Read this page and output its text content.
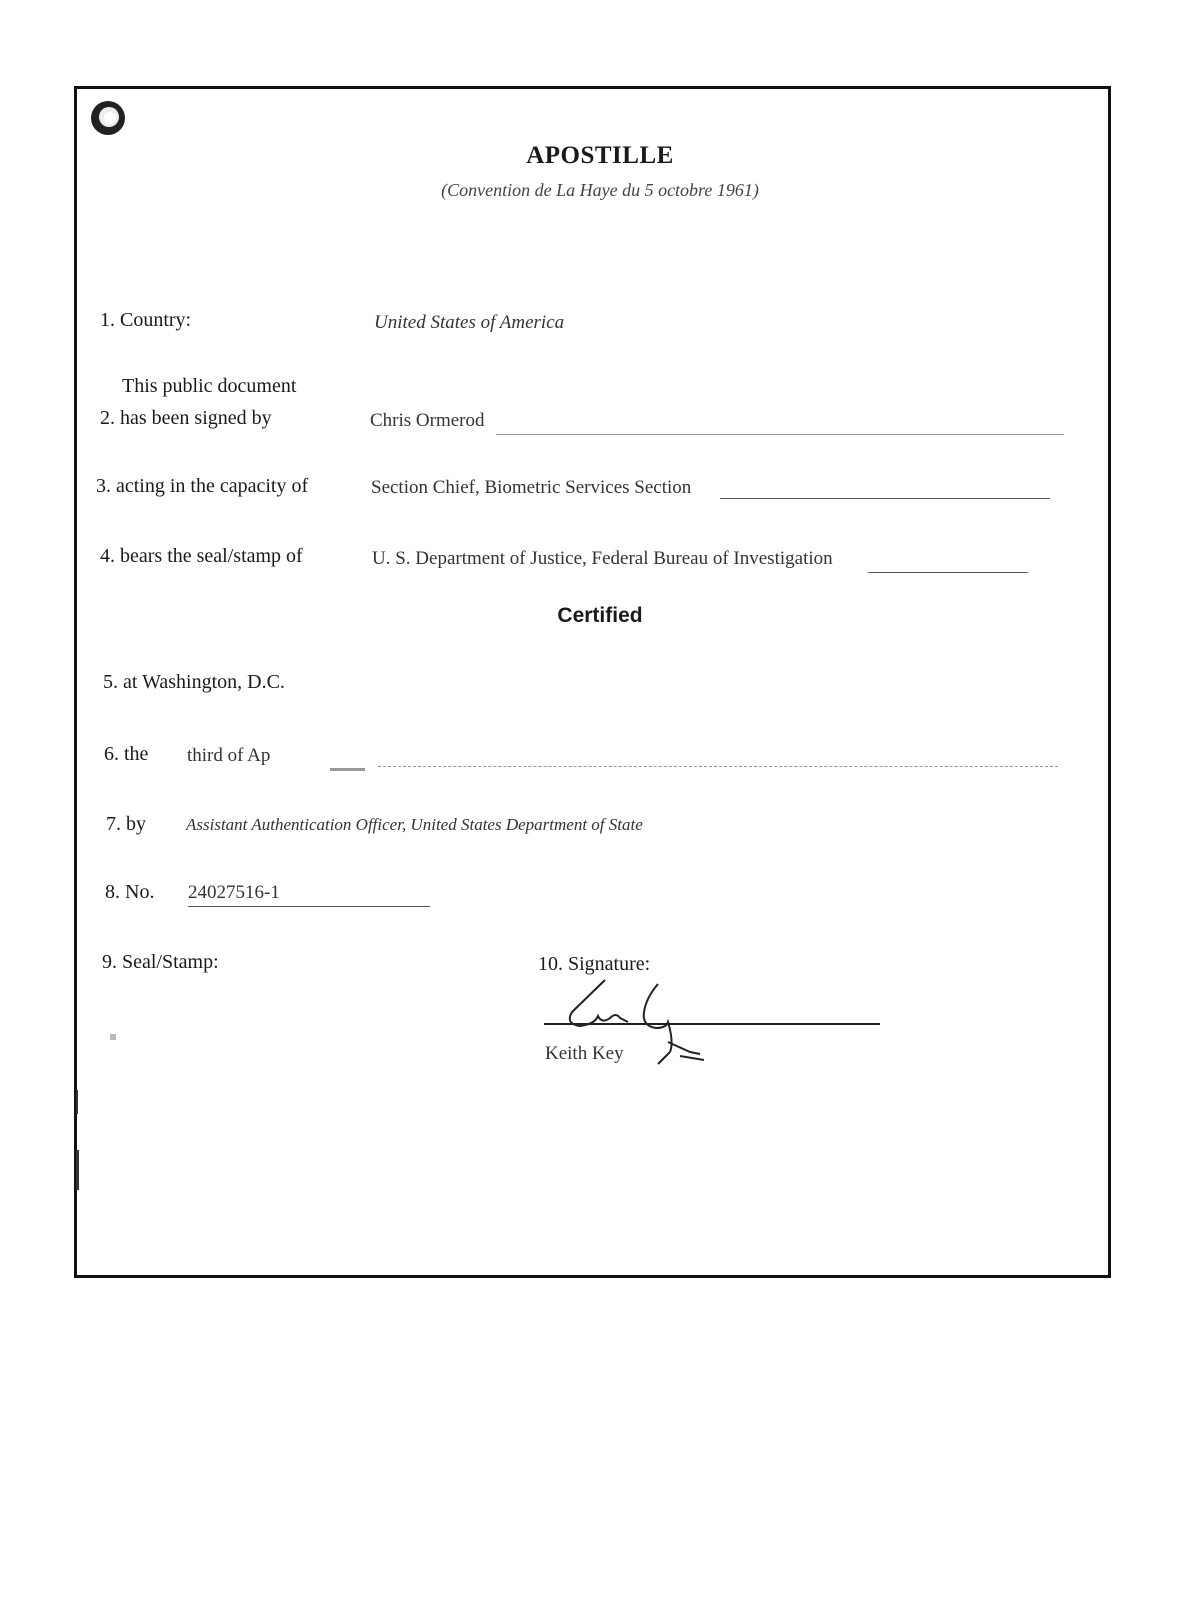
APOSTILLE
(Convention de La Haye du 5 octobre 1961)
1. Country:	United States of America
This public document
2. has been signed by	Chris Ormerod
3. acting in the capacity of	Section Chief, Biometric Services Section
4. bears the seal/stamp of	U. S. Department of Justice, Federal Bureau of Investigation
Certified
5. at Washington, D.C.
6. the third of Ap
7. by Assistant Authentication Officer, United States Department of State
8. No. 24027516-1
9. Seal/Stamp:	10. Signature:
Keith Key
